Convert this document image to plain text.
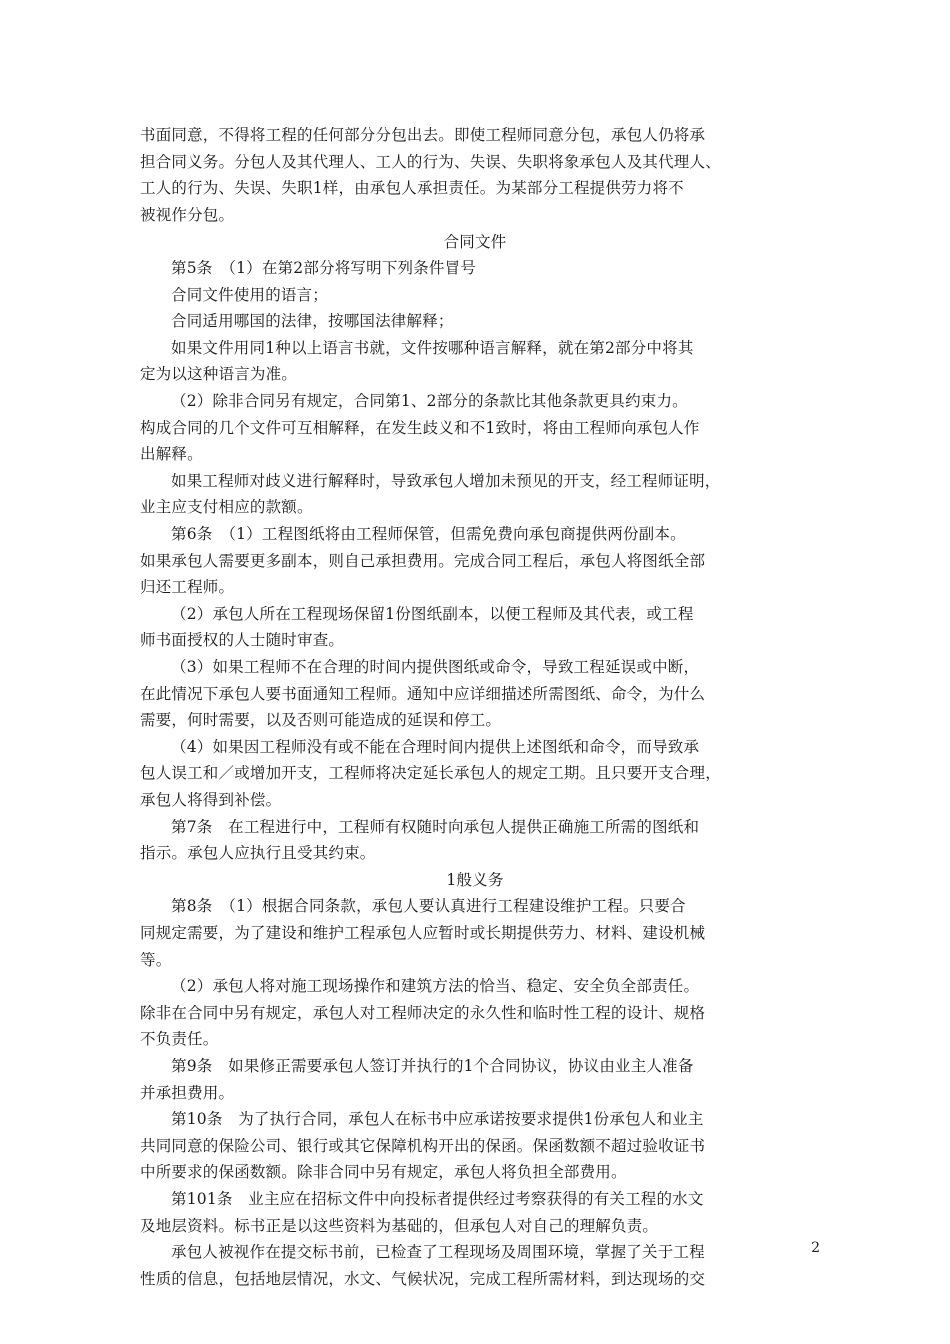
书面同意，不得将工程的任何部分分包出去。即使工程师同意分包，承包人仍将承
担合同义务。分包人及其代理人、工人的行为、失误、失职将象承包人及其代理人、
工人的行为、失误、失职1样，由承包人承担责任。为某部分工程提供劳力将不
被视作分包。
合同文件
第5条　（1）在第2部分将写明下列条件冒号
合同文件使用的语言；
合同适用哪国的法律，按哪国法律解释；
如果文件用同1种以上语言书就，文件按哪种语言解释，就在第2部分中将其
定为以这种语言为准。
（2）除非合同另有规定，合同第1、2部分的条款比其他条款更具约束力。
构成合同的几个文件可互相解释，在发生歧义和不1致时，将由工程师向承包人作
出解释。
如果工程师对歧义进行解释时，导致承包人增加未预见的开支，经工程师证明，
业主应支付相应的款额。
第6条　（1）工程图纸将由工程师保管，但需免费向承包商提供两份副本。
如果承包人需要更多副本，则自己承担费用。完成合同工程后，承包人将图纸全部
归还工程师。
（2）承包人所在工程现场保留1份图纸副本，以便工程师及其代表，或工程
师书面授权的人士随时审查。
（3）如果工程师不在合理的时间内提供图纸或命令，导致工程延误或中断，
在此情况下承包人要书面通知工程师。通知中应详细描述所需图纸、命令，为什么
需要，何时需要，以及否则可能造成的延误和停工。
（4）如果因工程师没有或不能在合理时间内提供上述图纸和命令，而导致承
包人误工和／或增加开支，工程师将决定延长承包人的规定工期。且只要开支合理，
承包人将得到补偿。
第7条　在工程进行中，工程师有权随时向承包人提供正确施工所需的图纸和
指示。承包人应执行且受其约束。
1般义务
第8条　（1）根据合同条款，承包人要认真进行工程建设维护工程。只要合
同规定需要，为了建设和维护工程承包人应暂时或长期提供劳力、材料、建设机械
等。
（2）承包人将对施工现场操作和建筑方法的恰当、稳定、安全负全部责任。
除非在合同中另有规定，承包人对工程师决定的永久性和临时性工程的设计、规格
不负责任。
第9条　如果修正需要承包人签订并执行的1个合同协议，协议由业主人准备
并承担费用。
第10条　为了执行合同，承包人在标书中应承诺按要求提供1份承包人和业主
共同同意的保险公司、银行或其它保障机构开出的保函。保函数额不超过验收证书
中所要求的保函数额。除非合同中另有规定，承包人将负担全部费用。
第101条　业主应在招标文件中向投标者提供经过考察获得的有关工程的水文
及地层资料。标书正是以这些资料为基础的，但承包人对自己的理解负责。
承包人被视作在提交标书前，已检查了工程现场及周围环境，掌握了关于工程
性质的信息，包括地层情况，水文、气候状况，完成工程所需材料，到达现场的交
2
